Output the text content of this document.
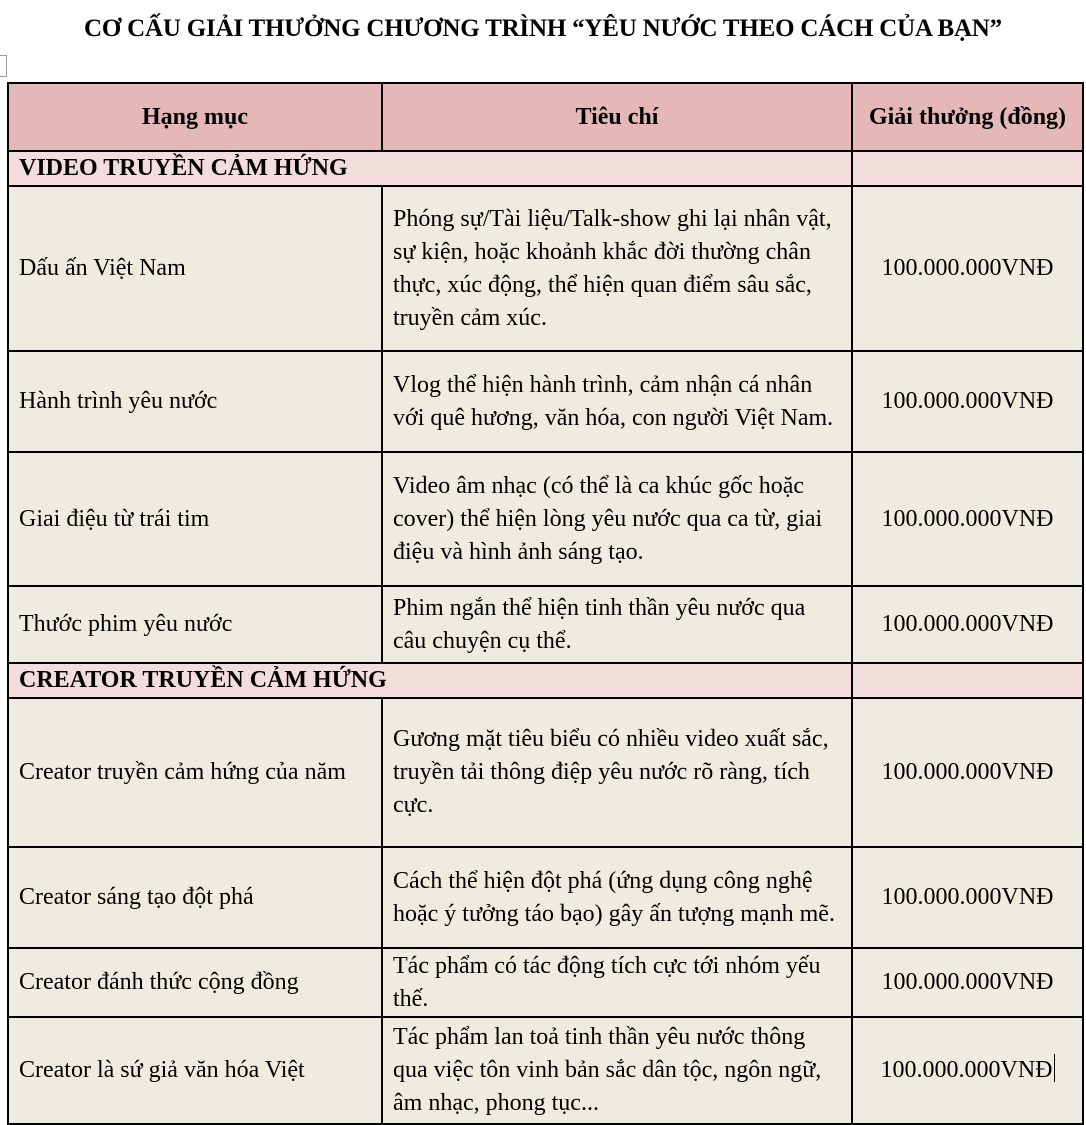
CƠ CẤU GIẢI THƯỞNG CHƯƠNG TRÌNH “YÊU NƯỚC THEO CÁCH CỦA BẠN”
Hạng mục	Tiêu chí	Giải thưởng (đồng)
VIDEO TRUYỀN CẢM HỨNG		
Dấu ấn Việt Nam	Phóng sự/Tài liệu/Talk-show ghi lại nhân vật, sự kiện, hoặc khoảnh khắc đời thường chân thực, xúc động, thể hiện quan điểm sâu sắc, truyền cảm xúc.	100.000.000VNĐ
Hành trình yêu nước	Vlog thể hiện hành trình, cảm nhận cá nhân với quê hương, văn hóa, con người Việt Nam.	100.000.000VNĐ
Giai điệu từ trái tim	Video âm nhạc (có thể là ca khúc gốc hoặc cover) thể hiện lòng yêu nước qua ca từ, giai điệu và hình ảnh sáng tạo.	100.000.000VNĐ
Thước phim yêu nước	Phim ngắn thể hiện tinh thần yêu nước qua câu chuyện cụ thể.	100.000.000VNĐ
CREATOR TRUYỀN CẢM HỨNG		
Creator truyền cảm hứng của năm	Gương mặt tiêu biểu có nhiều video xuất sắc, truyền tải thông điệp yêu nước rõ ràng, tích cực.	100.000.000VNĐ
Creator sáng tạo đột phá	Cách thể hiện đột phá (ứng dụng công nghệ hoặc ý tưởng táo bạo) gây ấn tượng mạnh mẽ.	100.000.000VNĐ
Creator đánh thức cộng đồng	Tác phẩm có tác động tích cực tới nhóm yếu thế.	100.000.000VNĐ
Creator là sứ giả văn hóa Việt	Tác phẩm lan toả tinh thần yêu nước thông qua việc tôn vinh bản sắc dân tộc, ngôn ngữ, âm nhạc, phong tục...	100.000.000VNĐ
